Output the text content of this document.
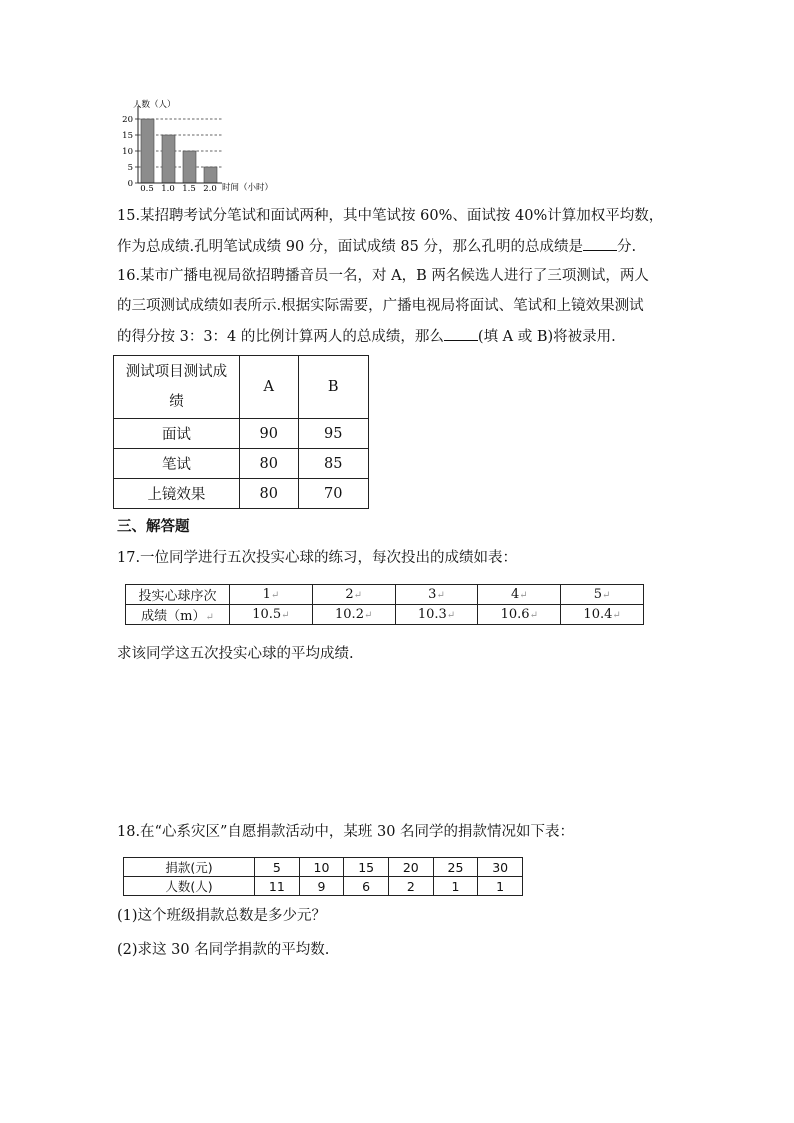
0
5
10
15
20
0.5 1.0 1.5 2.0
人数（人）
时间（小时）
15.某招聘考试分笔试和面试两种，其中笔试按 60%、面试按 40%计算加权平均数，
作为总成绩.孔明笔试成绩 90 分，面试成绩 85 分，那么孔明的总成绩是 分.
16.某市广播电视局欲招聘播音员一名，对 A，B 两名候选人进行了三项测试，两人
的三项测试成绩如表所示.根据实际需要，广播电视局将面试、笔试和上镜效果测试
的得分按 3：3：4 的比例计算两人的总成绩，那么 (填 A 或 B)将被录用.
测试项目测试成
绩	A	B
面试	90	95
笔试	80	85
上镜效果	80	70
三、解答题
17.一位同学进行五次投实心球的练习，每次投出的成绩如表：
投实心球序次	1↵	2↵	3↵	4↵	5↵
成绩（m）↵	10.5↵	10.2↵	10.3↵	10.6↵	10.4↵
求该同学这五次投实心球的平均成绩.
18.在“心系灾区”自愿捐款活动中，某班 30 名同学的捐款情况如下表：
捐款(元)	5	10	15	20	25	30
人数(人)	11	9	6	2	1	1
(1)这个班级捐款总数是多少元？
(2)求这 30 名同学捐款的平均数.
